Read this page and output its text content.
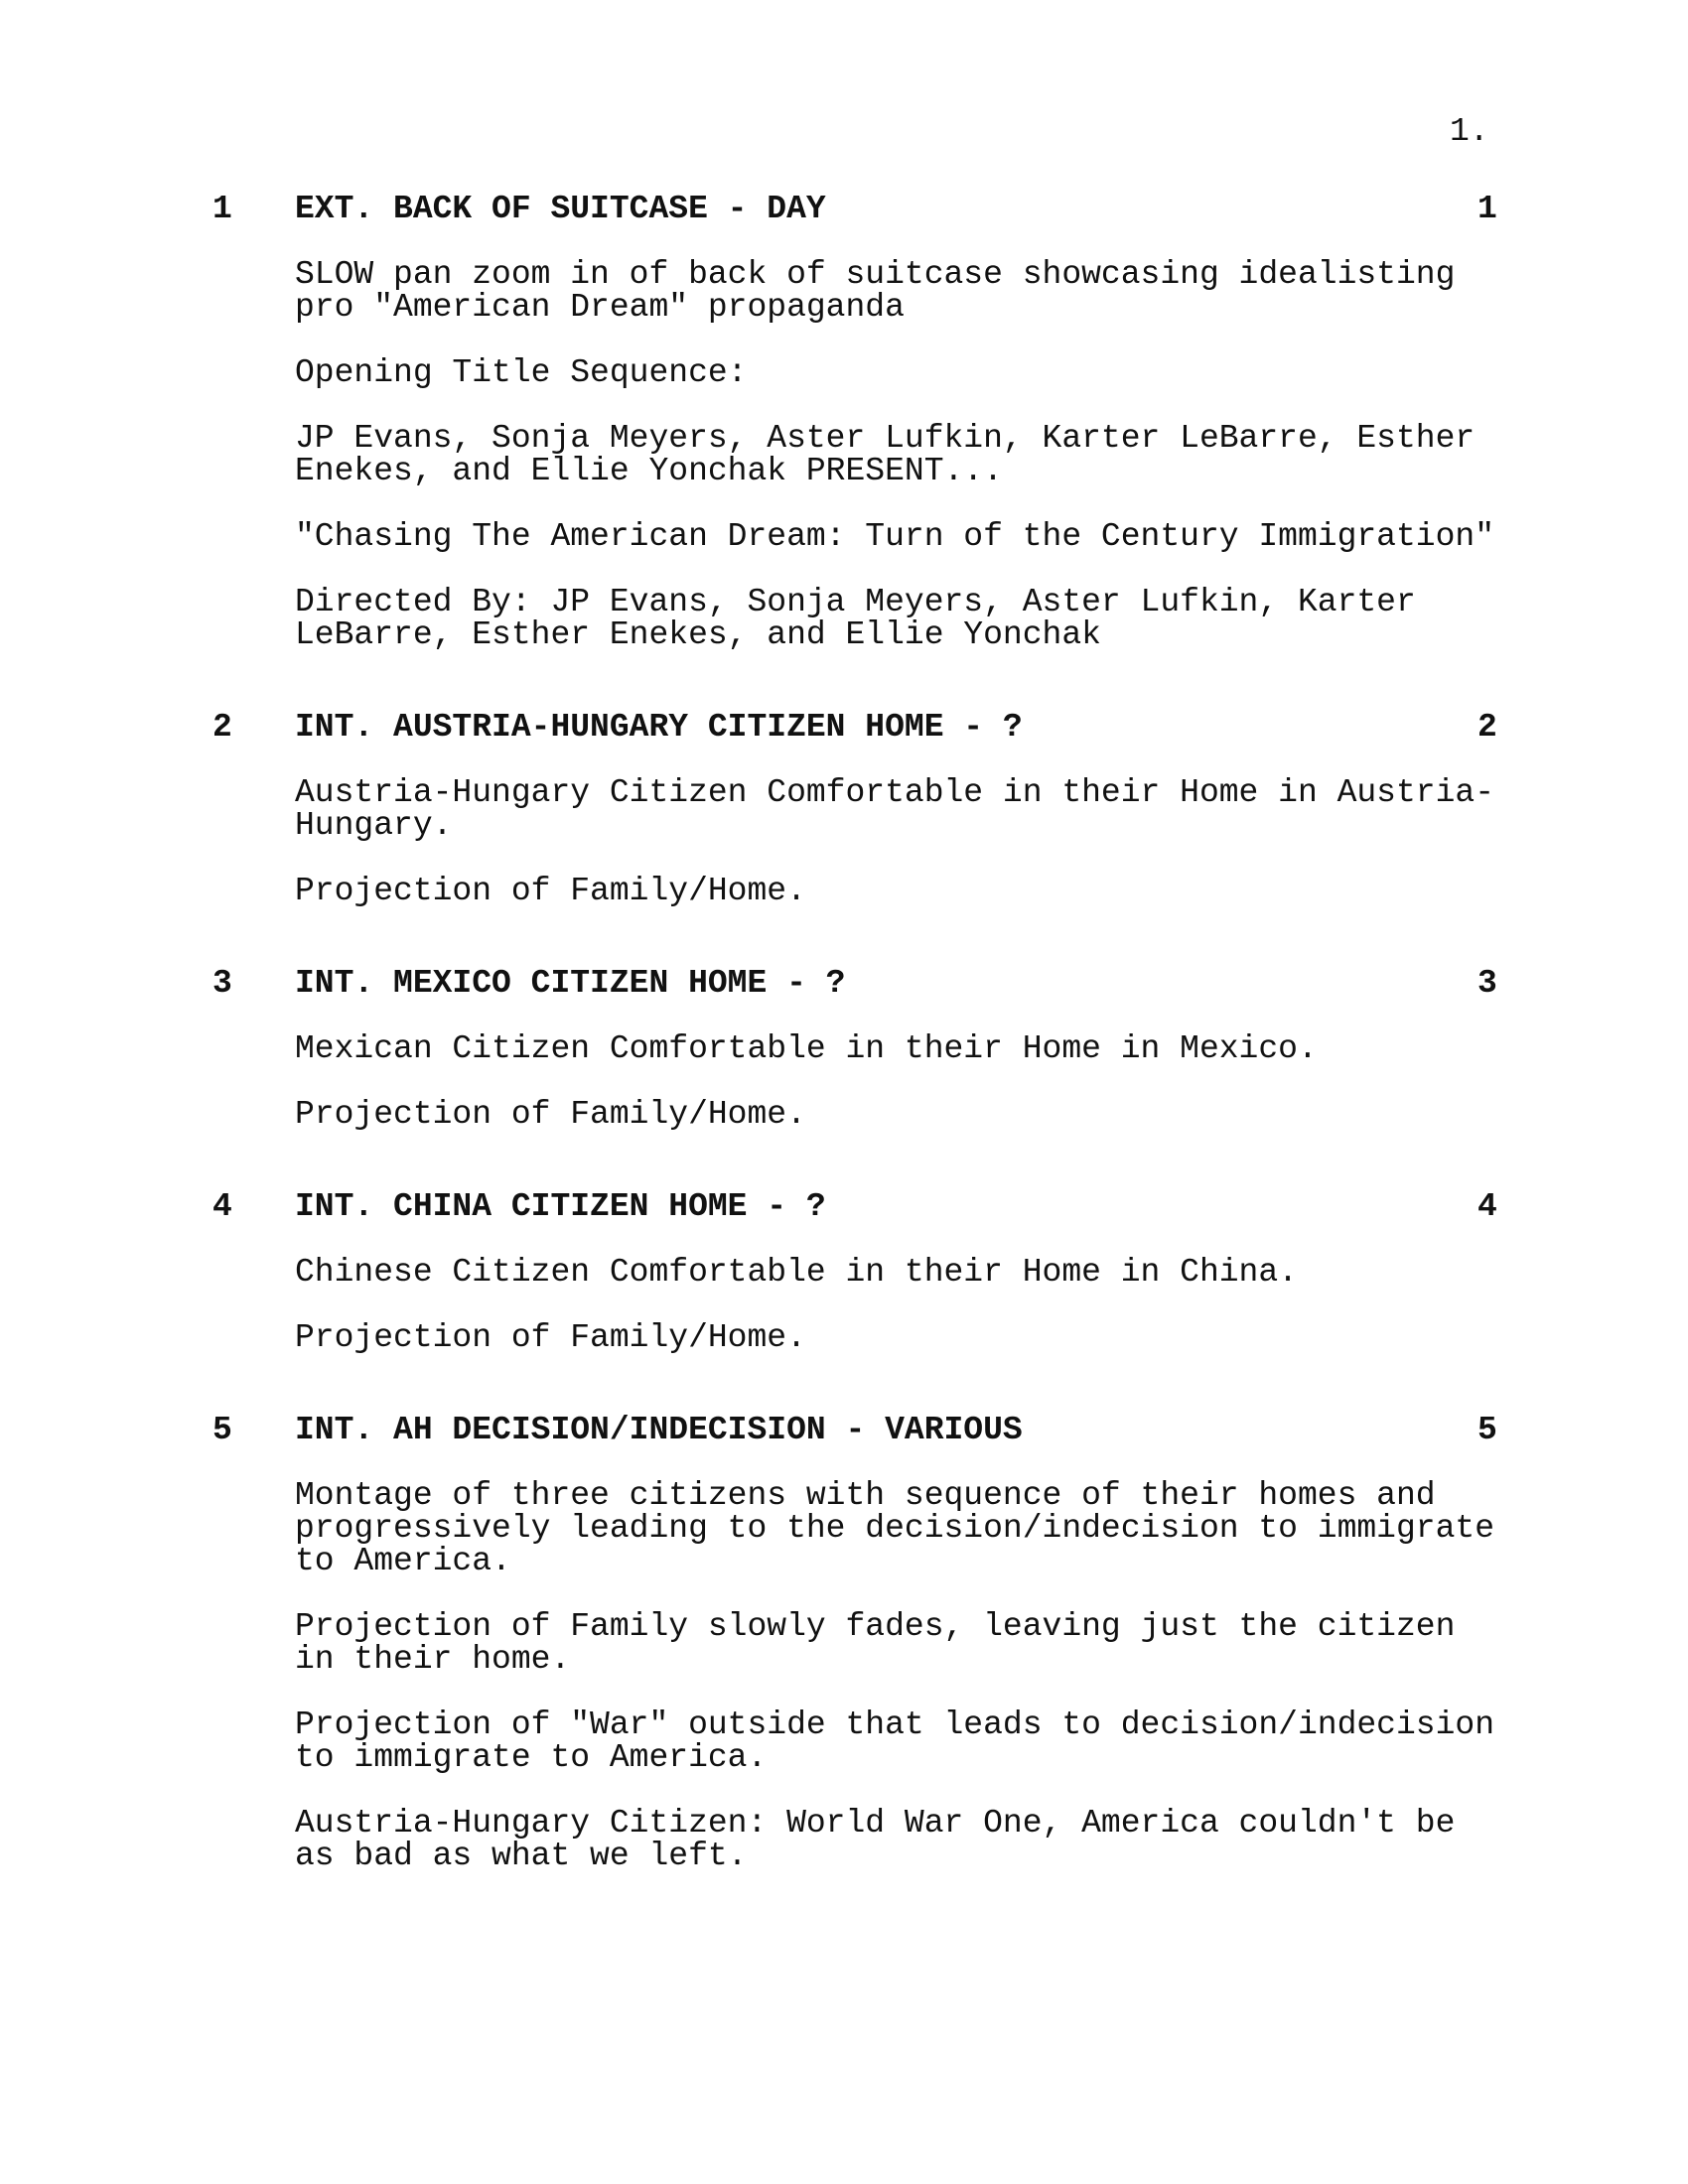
1.
1 EXT. BACK OF SUITCASE - DAY	1

SLOW pan zoom in of back of suitcase showcasing idealisting
pro "American Dream" propaganda

Opening Title Sequence:

JP Evans, Sonja Meyers, Aster Lufkin, Karter LeBarre, Esther
Enekes, and Ellie Yonchak PRESENT...

"Chasing The American Dream: Turn of the Century Immigration"

Directed By: JP Evans, Sonja Meyers, Aster Lufkin, Karter
LeBarre, Esther Enekes, and Ellie Yonchak

2 INT. AUSTRIA-HUNGARY CITIZEN HOME - ?	2

Austria-Hungary Citizen Comfortable in their Home in Austria-
Hungary.

Projection of Family/Home.

3 INT. MEXICO CITIZEN HOME - ?	3

Mexican Citizen Comfortable in their Home in Mexico.

Projection of Family/Home.

4 INT. CHINA CITIZEN HOME - ?	4

Chinese Citizen Comfortable in their Home in China.

Projection of Family/Home.

5 INT. AH DECISION/INDECISION - VARIOUS	5

Montage of three citizens with sequence of their homes and
progressively leading to the decision/indecision to immigrate
to America.

Projection of Family slowly fades, leaving just the citizen
in their home.

Projection of "War" outside that leads to decision/indecision
to immigrate to America.

Austria-Hungary Citizen: World War One, America couldn't be
as bad as what we left.
